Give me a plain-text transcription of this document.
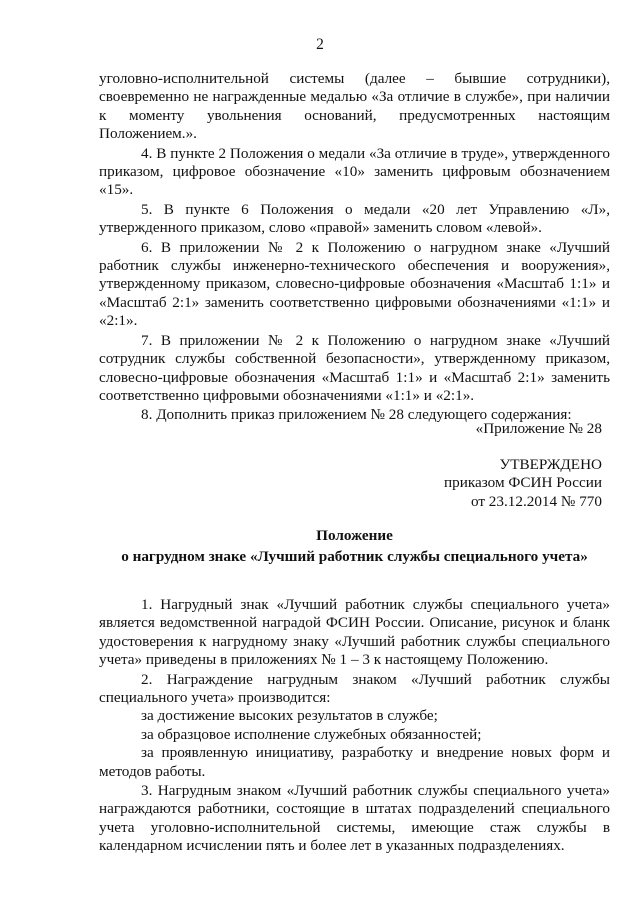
2

уголовно-исполнительной системы (далее – бывшие сотрудники), своевременно не награжденные медалью «За отличие в службе», при наличии к моменту увольнения оснований, предусмотренных настоящим Положением.».

4. В пункте 2 Положения о медали «За отличие в труде», утвержденного приказом, цифровое обозначение «10» заменить цифровым обозначением «15».

5. В пункте 6 Положения о медали «20 лет Управлению «Л», утвержденного приказом, слово «правой» заменить словом «левой».

6. В приложении № 2 к Положению о нагрудном знаке «Лучший работник службы инженерно-технического обеспечения и вооружения», утвержденному приказом, словесно-цифровые обозначения «Масштаб 1:1» и «Масштаб 2:1» заменить соответственно цифровыми обозначениями «1:1» и «2:1».

7. В приложении № 2 к Положению о нагрудном знаке «Лучший сотрудник службы собственной безопасности», утвержденному приказом, словесно-цифровые обозначения «Масштаб 1:1» и «Масштаб 2:1» заменить соответственно цифровыми обозначениями «1:1» и «2:1».

8. Дополнить приказ приложением № 28 следующего содержания:

«Приложение № 28
УТВЕРЖДЕНО
приказом ФСИН России
от 23.12.2014 № 770
Положение
о нагрудном знаке «Лучший работник службы специального учета»

1. Нагрудный знак «Лучший работник службы специального учета» является ведомственной наградой ФСИН России. Описание, рисунок и бланк удостоверения к нагрудному знаку «Лучший работник службы специального учета» приведены в приложениях № 1 – 3 к настоящему Положению.

2. Награждение нагрудным знаком «Лучший работник службы специального учета» производится:

за достижение высоких результатов в службе;

за образцовое исполнение служебных обязанностей;

за проявленную инициативу, разработку и внедрение новых форм и методов работы.

3. Нагрудным знаком «Лучший работник службы специального учета» награждаются работники, состоящие в штатах подразделений специального учета уголовно-исполнительной системы, имеющие стаж службы в календарном исчислении пять и более лет в указанных подразделениях.
